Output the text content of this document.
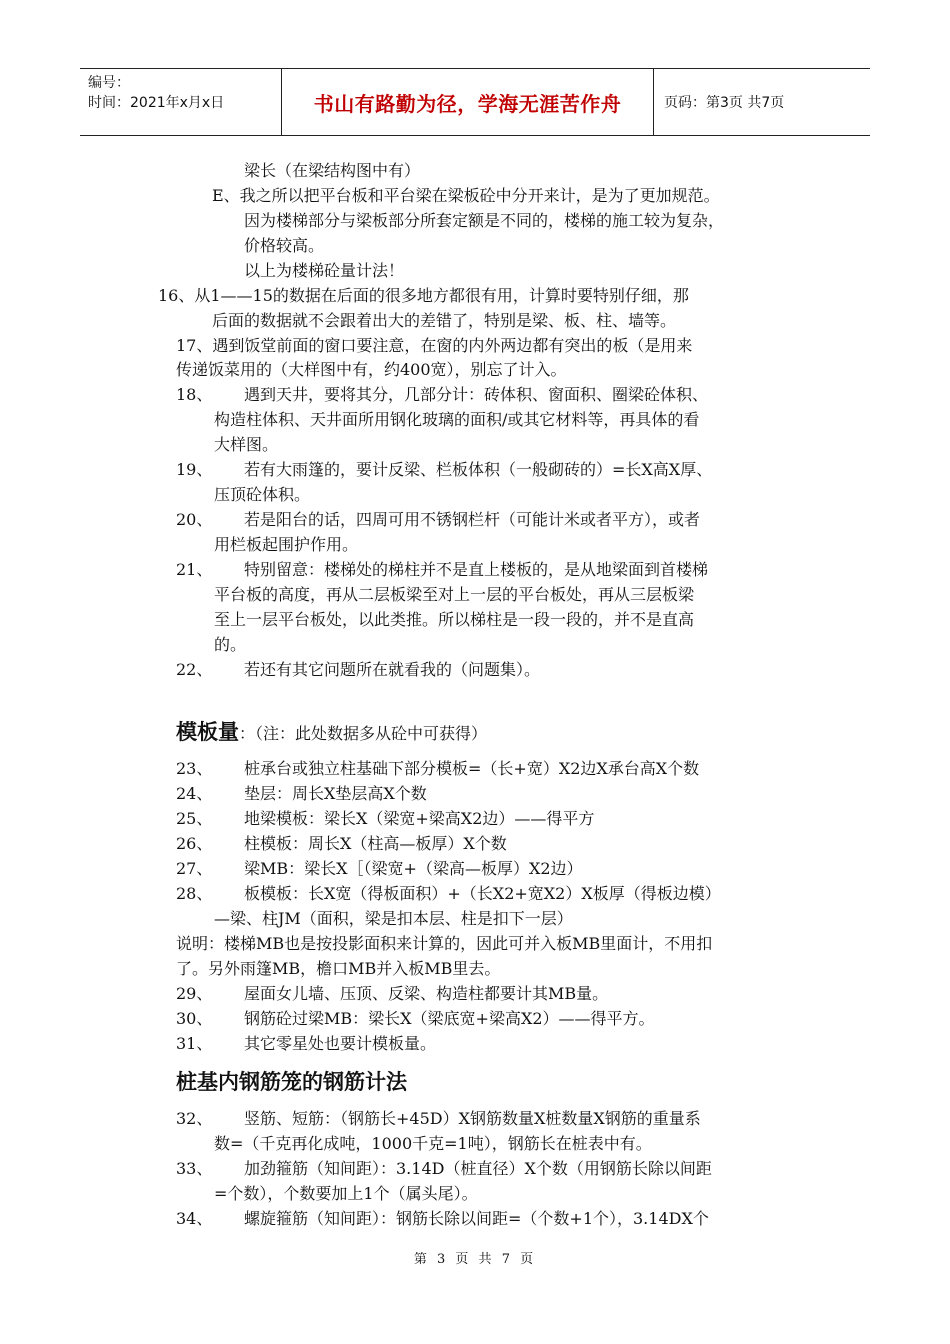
编号：
时间：2021年x月x日	书山有路勤为径，学海无涯苦作舟	页码：第3页 共7页
梁长（在梁结构图中有）
E、我之所以把平台板和平台梁在梁板砼中分开来计，是为了更加规范。
因为楼梯部分与梁板部分所套定额是不同的，楼梯的施工较为复杂，
价格较高。
以上为楼梯砼量计法！
16、从1——15的数据在后面的很多地方都很有用，计算时要特别仔细，那
后面的数据就不会跟着出大的差错了，特别是梁、板、柱、墙等。
17、遇到饭堂前面的窗口要注意，在窗的内外两边都有突出的板（是用来
传递饭菜用的（大样图中有，约400宽），别忘了计入。
18、 遇到天井，要将其分，几部分计：砖体积、窗面积、圈梁砼体积、
构造柱体积、天井面所用钢化玻璃的面积/或其它材料等，再具体的看
大样图。
19、 若有大雨篷的，要计反梁、栏板体积（一般砌砖的）=长X高X厚、
压顶砼体积。
20、 若是阳台的话，四周可用不锈钢栏杆（可能计米或者平方），或者
用栏板起围护作用。
21、 特别留意：楼梯处的梯柱并不是直上楼板的，是从地梁面到首楼梯
平台板的高度，再从二层板梁至对上一层的平台板处，再从三层板梁
至上一层平台板处，以此类推。所以梯柱是一段一段的，并不是直高
的。
22、 若还有其它问题所在就看我的（问题集）。
模板量：（注：此处数据多从砼中可获得）
23、 桩承台或独立柱基础下部分模板=（长+宽）X2边X承台高X个数
24、 垫层：周长X垫层高X个数
25、 地梁模板：梁长X（梁宽+梁高X2边）——得平方
26、 柱模板：周长X（柱高—板厚）X个数
27、 梁MB：梁长X［（梁宽+（梁高—板厚）X2边）
28、 板模板：长X宽（得板面积）+（长X2+宽X2）X板厚（得板边模）
—梁、柱JM（面积，梁是扣本层、柱是扣下一层）
说明：楼梯MB也是按投影面积来计算的，因此可并入板MB里面计，不用扣
了。另外雨篷MB，檐口MB并入板MB里去。
29、 屋面女儿墙、压顶、反梁、构造柱都要计其MB量。
30、 钢筋砼过梁MB：梁长X（梁底宽+梁高X2）——得平方。
31、 其它零星处也要计模板量。
桩基内钢筋笼的钢筋计法
32、 竖筋、短筋：（钢筋长+45D）X钢筋数量X桩数量X钢筋的重量系
数=（千克再化成吨，1000千克=1吨），钢筋长在桩表中有。
33、 加劲箍筋（知间距）：3.14D（桩直径）X个数（用钢筋长除以间距
=个数），个数要加上1个（属头尾）。
34、 螺旋箍筋（知间距）：钢筋长除以间距=（个数+1个），3.14DX个
第 3 页 共 7 页
